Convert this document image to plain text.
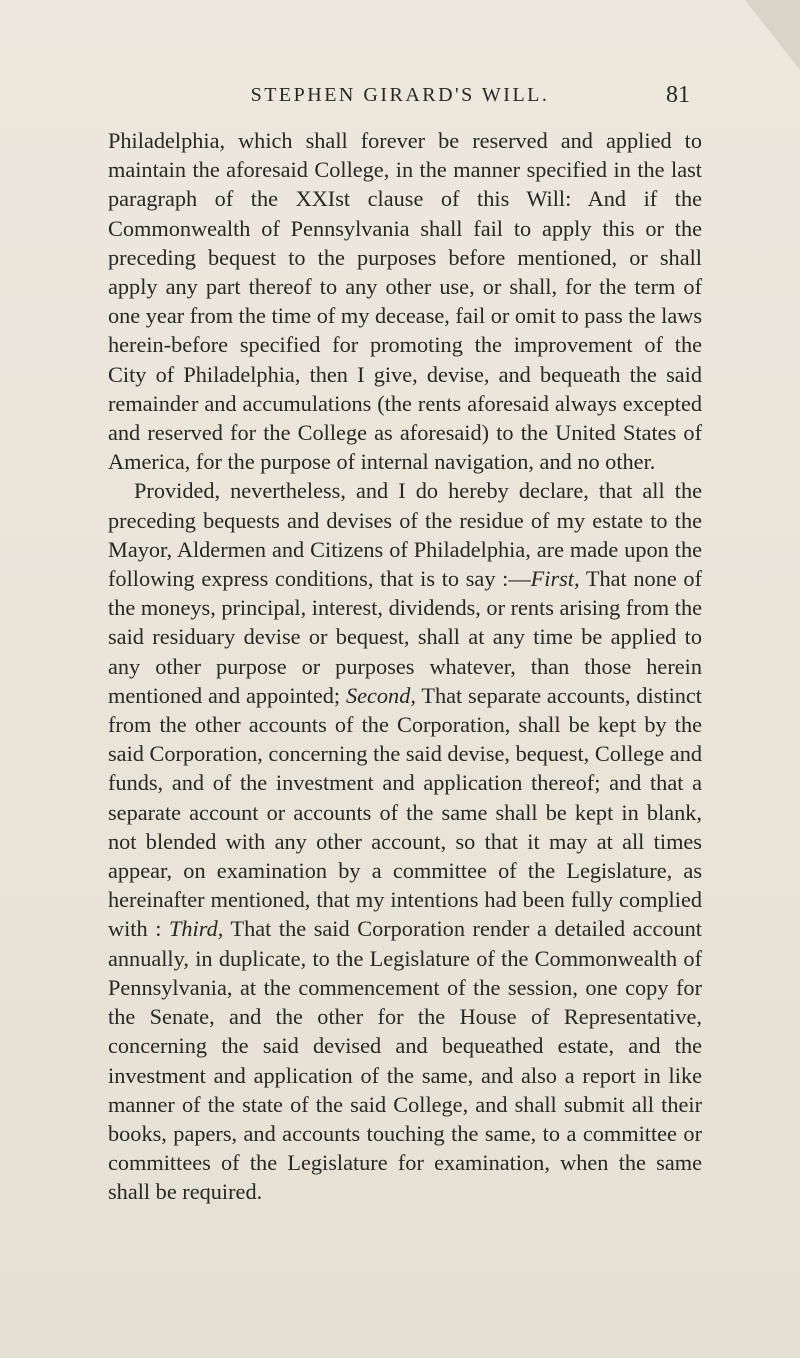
STEPHEN GIRARD'S WILL.	81

Philadelphia, which shall forever be reserved and applied to maintain the aforesaid College, in the manner specified in the last paragraph of the XXIst clause of this Will: And if the Commonwealth of Pennsylvania shall fail to apply this or the preceding bequest to the purposes before mentioned, or shall apply any part thereof to any other use, or shall, for the term of one year from the time of my decease, fail or omit to pass the laws herein-before specified for promoting the improvement of the City of Philadelphia, then I give, devise, and bequeath the said remainder and accumulations (the rents aforesaid always excepted and reserved for the College as aforesaid) to the United States of America, for the purpose of internal navigation, and no other.

Provided, nevertheless, and I do hereby declare, that all the preceding bequests and devises of the residue of my estate to the Mayor, Aldermen and Citizens of Philadelphia, are made upon the following express conditions, that is to say :—First, That none of the moneys, principal, interest, dividends, or rents arising from the said residuary devise or bequest, shall at any time be applied to any other purpose or purposes whatever, than those herein mentioned and appointed; Second, That separate accounts, distinct from the other accounts of the Corporation, shall be kept by the said Corporation, concerning the said devise, bequest, College and funds, and of the investment and application thereof; and that a separate account or accounts of the same shall be kept in blank, not blended with any other account, so that it may at all times appear, on examination by a committee of the Legislature, as hereinafter mentioned, that my intentions had been fully complied with : Third, That the said Corporation render a detailed account annually, in duplicate, to the Legislature of the Commonwealth of Pennsylvania, at the commencement of the session, one copy for the Senate, and the other for the House of Representative, concerning the said devised and bequeathed estate, and the investment and application of the same, and also a report in like manner of the state of the said College, and shall submit all their books, papers, and accounts touching the same, to a committee or committees of the Legislature for examination, when the same shall be required.
